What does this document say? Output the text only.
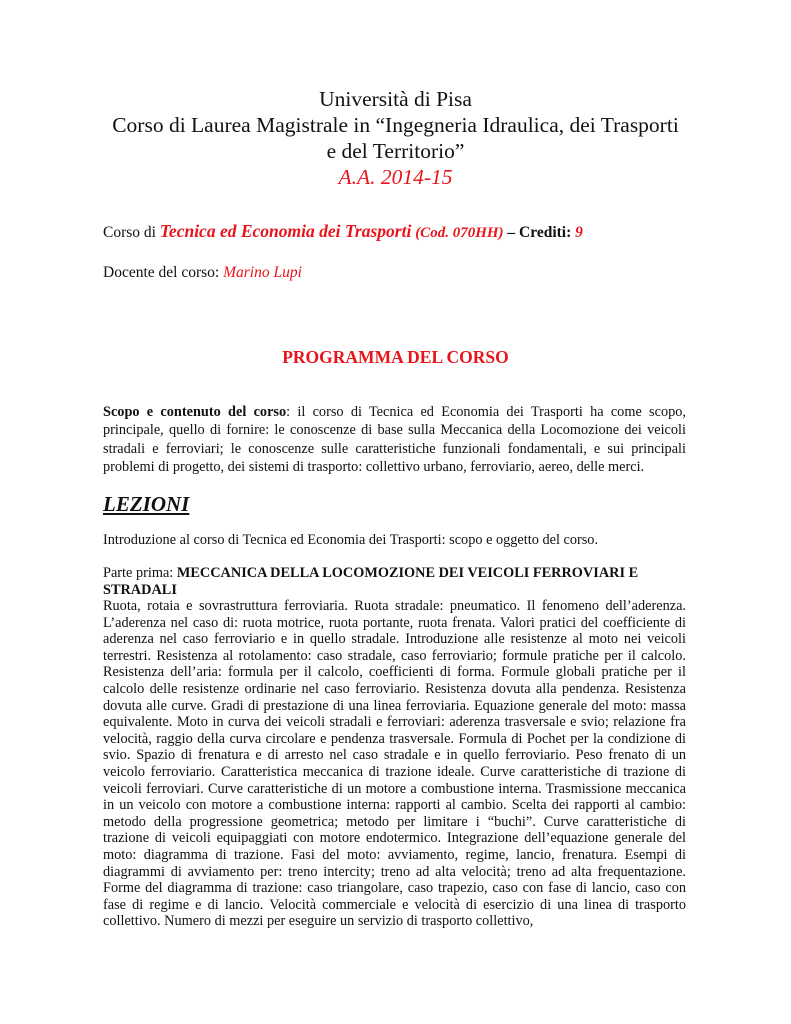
Università di Pisa
Corso di Laurea Magistrale in “Ingegneria Idraulica, dei Trasporti
e del Territorio”
A.A. 2014-15
Corso di Tecnica ed Economia dei Trasporti (Cod. 070HH) – Crediti: 9
Docente del corso: Marino Lupi
PROGRAMMA DEL CORSO
Scopo e contenuto del corso: il corso di Tecnica ed Economia dei Trasporti ha come scopo, principale, quello di fornire: le conoscenze di base sulla Meccanica della Locomozione dei veicoli stradali e ferroviari; le conoscenze sulle caratteristiche funzionali fondamentali, e sui principali problemi di progetto, dei sistemi di trasporto: collettivo urbano, ferroviario, aereo, delle merci.
LEZIONI
Introduzione al corso di Tecnica ed Economia dei Trasporti: scopo e oggetto del corso.
Parte prima: MECCANICA DELLA LOCOMOZIONE DEI VEICOLI FERROVIARI E STRADALI
Ruota, rotaia e sovrastruttura ferroviaria. Ruota stradale: pneumatico. Il fenomeno dell’aderenza. L’aderenza nel caso di: ruota motrice, ruota portante, ruota frenata. Valori pratici del coefficiente di aderenza nel caso ferroviario e in quello stradale. Introduzione alle resistenze al moto nei veicoli terrestri. Resistenza al rotolamento: caso stradale, caso ferroviario; formule pratiche per il calcolo. Resistenza dell’aria: formula per il calcolo, coefficienti di forma. Formule globali pratiche per il calcolo delle resistenze ordinarie nel caso ferroviario. Resistenza dovuta alla pendenza. Resistenza dovuta alle curve. Gradi di prestazione di una linea ferroviaria. Equazione generale del moto: massa equivalente. Moto in curva dei veicoli stradali e ferroviari: aderenza trasversale e svio; relazione fra velocità, raggio della curva circolare e pendenza trasversale. Formula di Pochet per la condizione di svio. Spazio di frenatura e di arresto nel caso stradale e in quello ferroviario. Peso frenato di un veicolo ferroviario. Caratteristica meccanica di trazione ideale. Curve caratteristiche di trazione di veicoli ferroviari. Curve caratteristiche di un motore a combustione interna. Trasmissione meccanica in un veicolo con motore a combustione interna: rapporti al cambio. Scelta dei rapporti al cambio: metodo della progressione geometrica; metodo per limitare i “buchi”. Curve caratteristiche di trazione di veicoli equipaggiati con motore endotermico. Integrazione dell’equazione generale del moto: diagramma di trazione. Fasi del moto: avviamento, regime, lancio, frenatura. Esempi di diagrammi di avviamento per: treno intercity; treno ad alta velocità; treno ad alta frequentazione. Forme del diagramma di trazione: caso triangolare, caso trapezio, caso con fase di lancio, caso con fase di regime e di lancio. Velocità commerciale e velocità di esercizio di una linea di trasporto collettivo. Numero di mezzi per eseguire un servizio di trasporto collettivo,
